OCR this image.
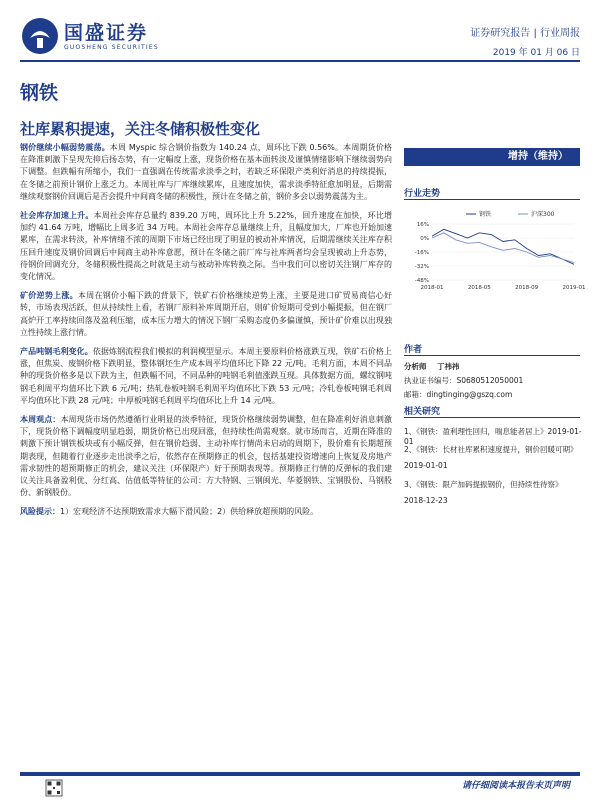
国盛证券
GUOSHENG SECURITIES
证券研究报告 | 行业周报
2019 年 01 月 06 日
钢铁
社库累积提速，关注冬储积极性变化

钢价继续小幅弱势震荡。本周 Myspic 综合钢价指数为 140.24 点，周环比下跌 0.56%。本周期货价格在降准刺激下呈现先抑后扬态势，有一定幅度上涨，现货价格在基本面转淡及谨慎情绪影响下继续弱势向下调整。但跌幅有所缩小，我们一直强调在传统需求淡季之时，若缺乏环保限产类利好消息的持续提振，在冬储之前预计钢价上涨乏力。本周社库与厂库继续累库，且速度加快，需求淡季特征愈加明显，后期需继续观察钢价回调后是否会提升中间商冬储的积极性，预计在冬储之前，钢价多会以弱势震荡为主。

社会库存加速上升。本周社会库存总量约 839.20 万吨，周环比上升 5.22%，回升速度在加快，环比增加约 41.64 万吨，增幅比上周多近 34 万吨。本周社会库存总量继续上升，且幅度加大，厂库也开始加速累库，在需求转淡，补库情绪不浓的周期下市场已经出现了明显的被动补库情况，后期需继续关注库存积压回升速度及钢价回调后中间商主动补库意愿，预计在冬储之前厂库与社库两者均会呈现被动上升态势，待钢价回调充分，冬储积极性提高之时就是主动与被动补库转换之际。当中我们可以密切关注钢厂库存的变化情况。

矿价逆势上涨。本周在钢价小幅下跌的背景下，铁矿石价格继续逆势上涨，主要是进口矿贸易商信心好转，市场表现活跃，但从持续性上看，若钢厂原料补库周期开启，则矿价短期可受到小幅提振，但在钢厂高炉开工率持续回落及盈利压缩，成本压力增大的情况下钢厂采购态度仍多偏谨慎，预计矿价难以出现独立性持续上涨行情。

产品吨钢毛利变化。依据炼钢流程我们模拟的利润模型显示。本周主要原料价格涨跌互现，铁矿石价格上涨，但焦炭、废钢价格下跌明显，整体钢坯生产成本周平均值环比下降 22 元/吨。毛利方面，本周不同品种的现货价格多是以下跌为主，但跌幅不同，不同品种的吨钢毛利值涨跌互现。具体数据方面，螺纹钢吨钢毛利周平均值环比下跌 6 元/吨；热轧卷板吨钢毛利周平均值环比下跌 53 元/吨；冷轧卷板吨钢毛利周平均值环比下跌 28 元/吨；中厚板吨钢毛利周平均值环比上升 14 元/吨。

本周观点：本周现货市场仍然遵循行业明显的淡季特征，现货价格继续弱势调整，但在降准利好消息刺激下，现货价格下调幅度明显趋弱，期货价格已出现回涨，但持续性尚需观察。就市场而言，近期在降准的刺激下预计钢铁板块或有小幅反弹，但在钢价趋弱、主动补库行情尚未启动的周期下，股价难有长期超预期表现，但随着行业逐步走出淡季之后，依然存在预期修正的机会，包括基建投资增速向上恢复及房地产需求韧性的超预期修正的机会，建议关注（环保限产）好于预期表现等。预期修正行情的反弹标的我们建议关注具备盈利优、分红高、估值低等特征的公司：方大特钢、三钢闽光、华菱钢铁、宝钢股份、马钢股份、新钢股份。

风险提示：1）宏观经济不达预期致需求大幅下滑风险；2）供给释放超预期的风险。

增持（维持）
行业走势
16%
0%
-16%
-32%
-48%
2018-01	2018-05	2018-09	2019-01
钢铁	沪深300
作者
分析师 丁祎祎
执业证书编号：S0680512050001
邮箱：dingtinging@gszq.com
相关研究
1、《钢铁：盈利理性回归，喘息能者居上》2019-01-01
2、《钢铁：长材社库累积速度提升，钢价回暖可期》
2019-01-01
3、《钢铁：限产加码提振钢价，但持续性待察》
2018-12-23
请仔细阅读本报告末页声明
